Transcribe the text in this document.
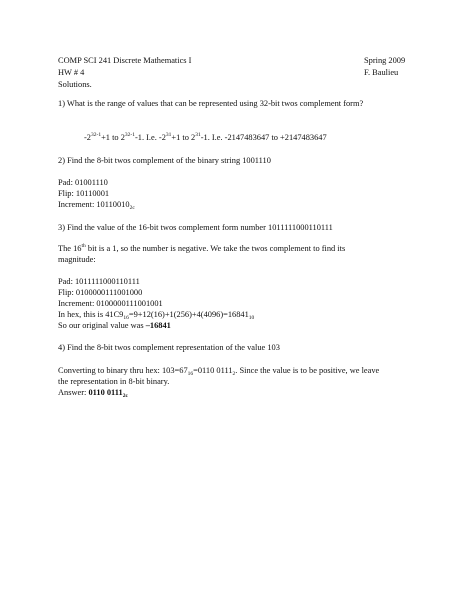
COMP SCI 241 Discrete Mathematics I	Spring 2009
HW # 4	F. Baulieu
Solutions.
1) What is the range of values that can be represented using 32-bit twos complement form?
$-2^{32-1}+1$ to 2$^{32-1}$-1. I.e. $-2^{31}+1$ to $2^{31}-1$. I.e. -2147483647 to +2147483647
2) Find the 8-bit twos complement of the binary string 1001110
Pad: 01001110
Flip: 10110001
Increment: $10110010_{2c}$
3) Find the value of the 16-bit twos complement form number 1011111000110111
The 16th bit is a 1, so the number is negative. We take the twos complement to find its
magnitude:
Pad: 1011111000110111
Flip: 0100000111001000
Increment: 0100000111001001
In hex, this is $41C9_{16}=9+12(16)+1(256)+4(4096)=16841_{10}$
So our original value was –16841
4) Find the 8-bit twos complement representation of the value 103
Converting to binary thru hex: $103=67_{16}=0110$ $0111_2$. Since the value is to be positive, we leave
the representation in 8-bit binary.
Answer: 0110 $0111_{2c}$
